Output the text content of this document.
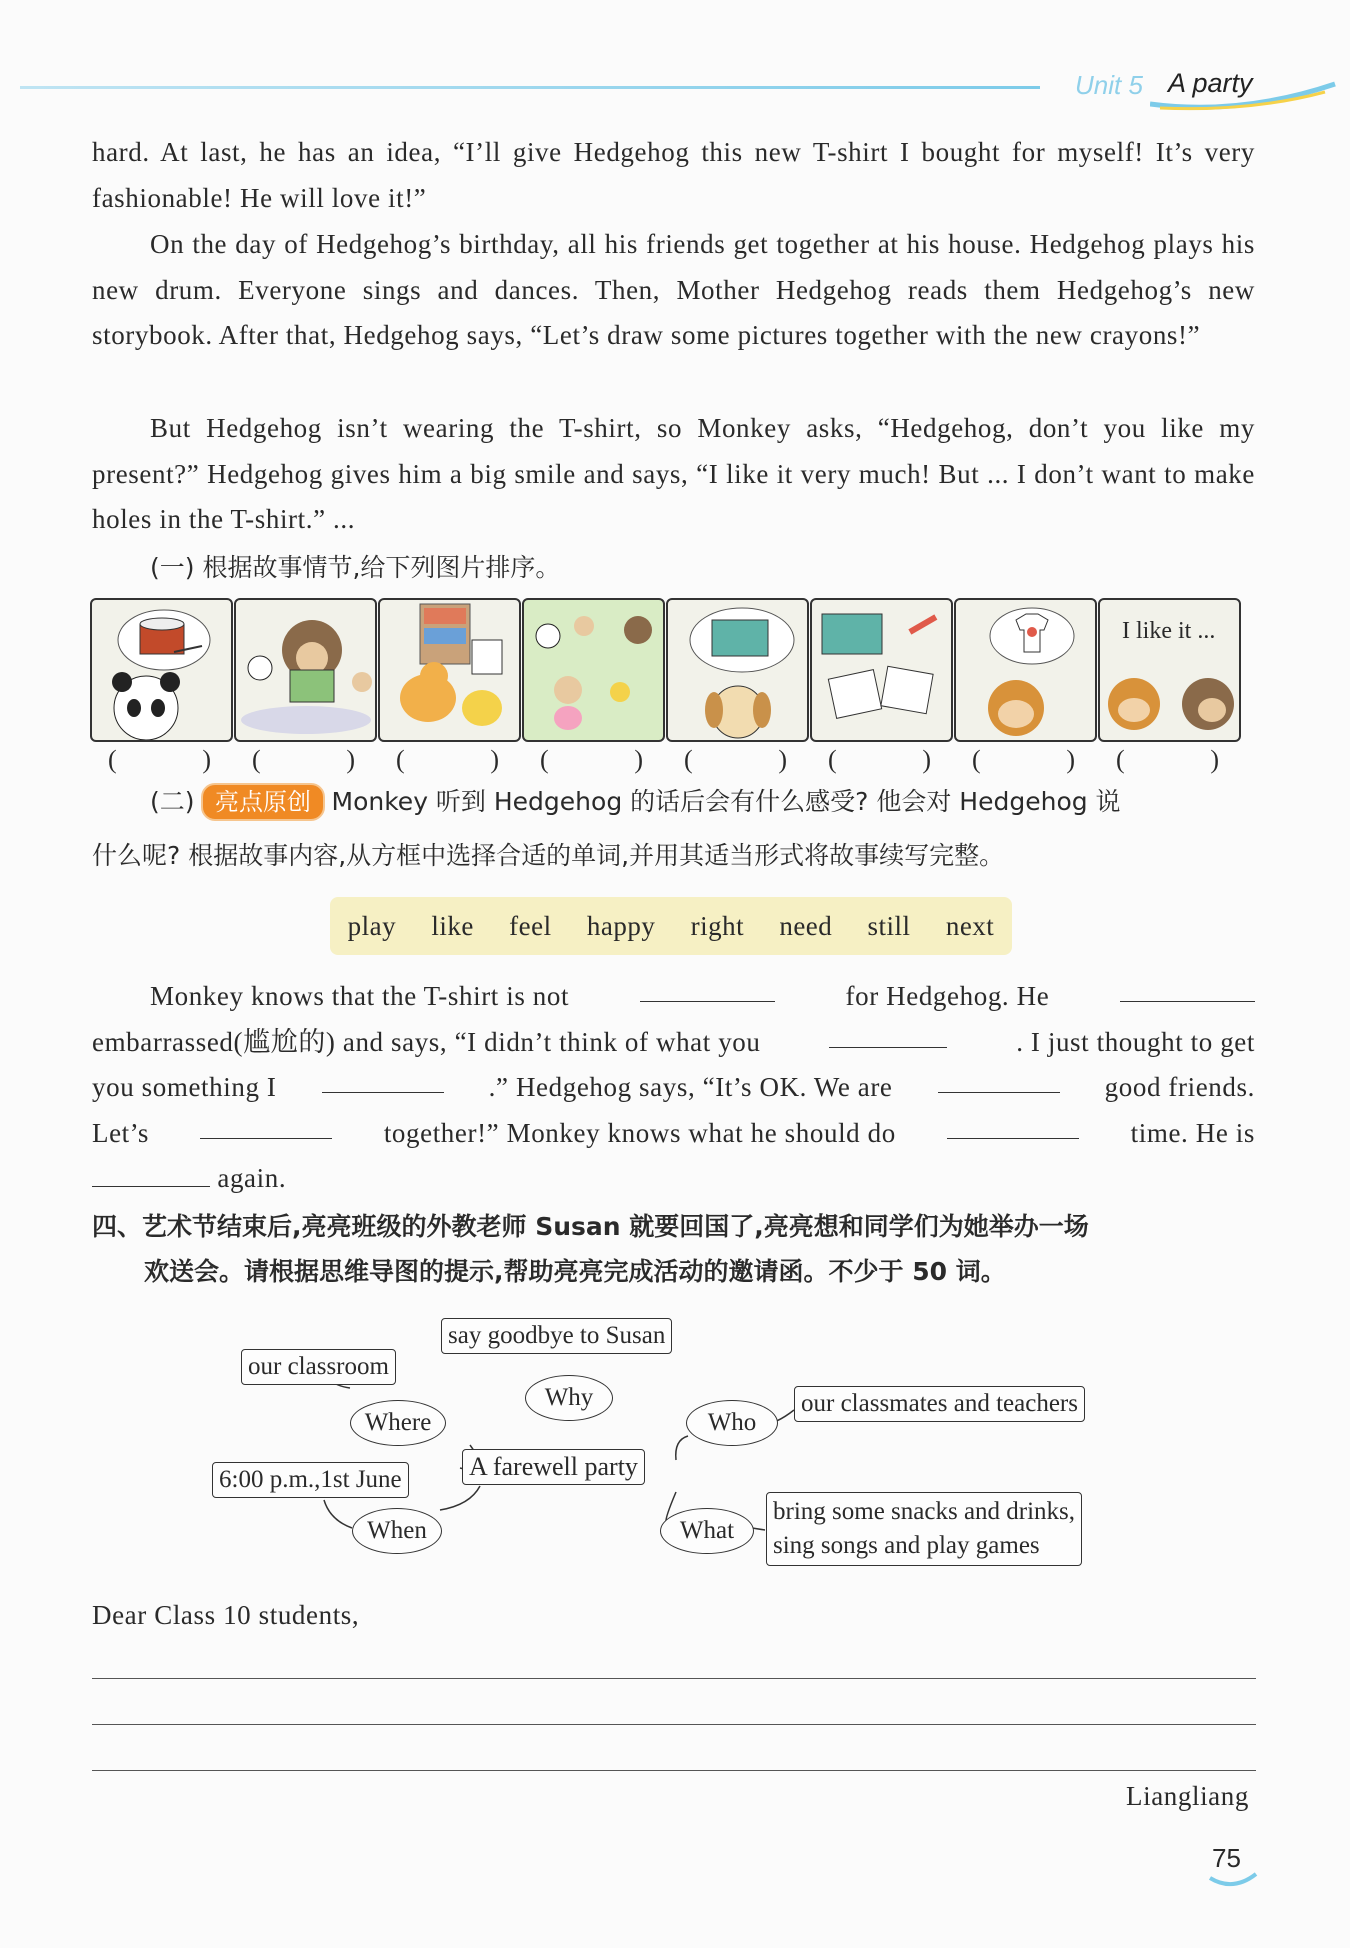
Unit 5 A party
hard. At last, he has an idea, “I’ll give Hedgehog this new T-shirt I bought for myself! It’s very fashionable! He will love it!”
On the day of Hedgehog’s birthday, all his friends get together at his house. Hedgehog plays his new drum. Everyone sings and dances. Then, Mother Hedgehog reads them Hedgehog’s new storybook. After that, Hedgehog says, “Let’s draw some pictures together with the new crayons!”
But Hedgehog isn’t wearing the T-shirt, so Monkey asks, “Hedgehog, don’t you like my present?” Hedgehog gives him a big smile and says, “I like it very much! But ... I don’t want to make holes in the T-shirt.” ...
(一) 根据故事情节,给下列图片排序。
I like it ...
(	) (	) (	) (	) (	) (	) (	) (	)
(二) 亮点原创 Monkey 听到 Hedgehog 的话后会有什么感受? 他会对 Hedgehog 说
什么呢? 根据故事内容,从方框中选择合适的单词,并用其适当形式将故事续写完整。
play like feel happy right need still next
Monkey knows that the T-shirt is not	for Hedgehog. He
embarrassed(尴尬的) and says, “I didn’t think of what you	. I just thought to get
you something I	.” Hedgehog says, “It’s OK. We are	good friends.
Let’s	together!” Monkey knows what he should do	time. He is
again.
四、艺术节结束后,亮亮班级的外教老师 Susan 就要回国了,亮亮想和同学们为她举办一场
欢送会。请根据思维导图的提示,帮助亮亮完成活动的邀请函。不少于 50 词。
say goodbye to Susan
Why
our classroom
Where
A farewell party
6:00 p.m.,1st June
When
Who
our classmates and teachers
What
bring some snacks and drinks,
sing songs and play games
Dear Class 10 students,
Liangliang
75
